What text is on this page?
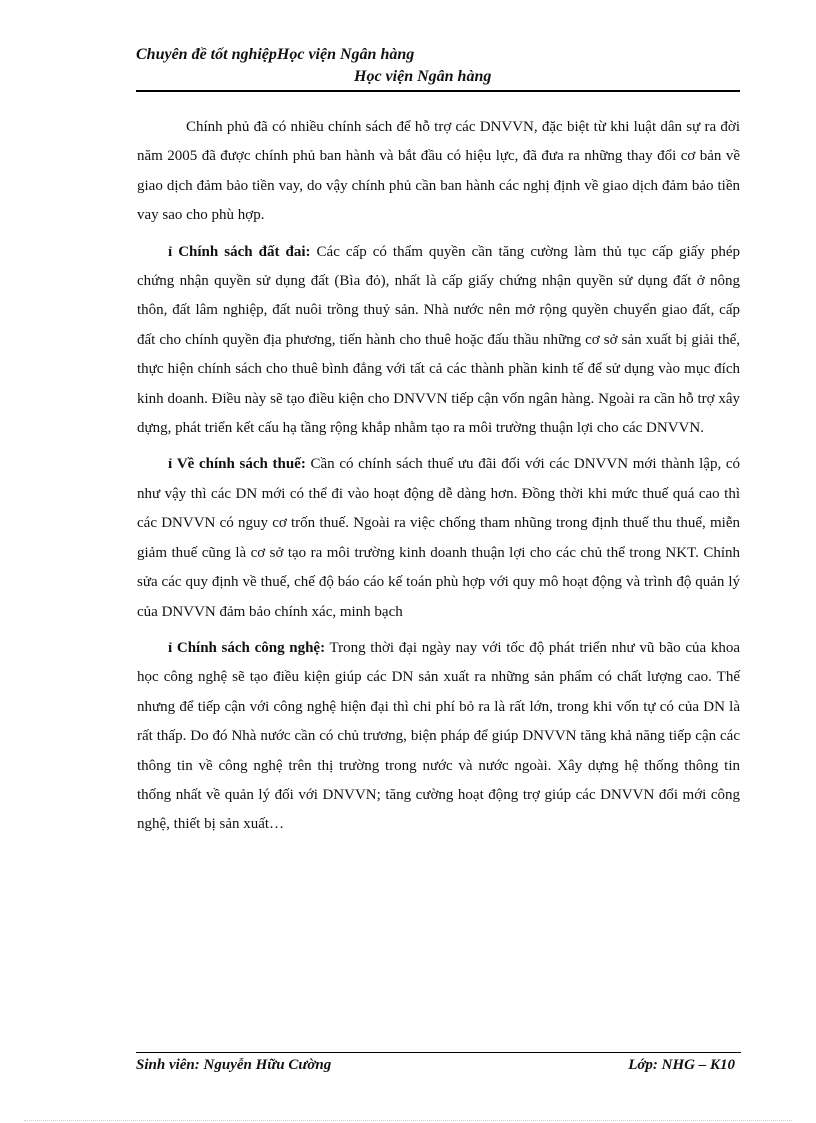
Chuyên đề tốt nghiệpHọc viện Ngân hàng
Học viện Ngân hàng

Chính phủ đã có nhiều chính sách để hỗ trợ các DNVVN, đặc biệt từ khi luật dân sự ra đời năm 2005 đã được chính phủ ban hành và bắt đầu có hiệu lực, đã đưa ra những thay đổi cơ bản về giao dịch đảm bảo tiền vay, do vậy chính phủ cần ban hành các nghị định về giao dịch đảm bảo tiền vay sao cho phù hợp.

ỉ Chính sách đất đai: Các cấp có thẩm quyền cần tăng cường làm thủ tục cấp giấy phép chứng nhận quyền sử dụng đất (Bìa đỏ), nhất là cấp giấy chứng nhận quyền sử dụng đất ở nông thôn, đất lâm nghiệp, đất nuôi trồng thuỷ sản. Nhà nước nên mở rộng quyền chuyển giao đất, cấp đất cho chính quyền địa phương, tiến hành cho thuê hoặc đấu thầu những cơ sở sản xuất bị giải thể, thực hiện chính sách cho thuê bình đẳng với tất cả các thành phần kinh tế để sử dụng vào mục đích kinh doanh. Điều này sẽ tạo điều kiện cho DNVVN tiếp cận vốn ngân hàng. Ngoài ra cần hỗ trợ xây dựng, phát triển kết cấu hạ tầng rộng khắp nhằm tạo ra môi trường thuận lợi cho các DNVVN.

ỉ Về chính sách thuế: Cần có chính sách thuế ưu đãi đối với các DNVVN mới thành lập, có như vậy thì các DN mới có thể đi vào hoạt động dễ dàng hơn. Đồng thời khi mức thuế quá cao thì các DNVVN có nguy cơ trốn thuế. Ngoài ra việc chống tham nhũng trong định thuế thu thuế, miễn giảm thuế cũng là cơ sở tạo ra môi trường kinh doanh thuận lợi cho các chủ thể trong NKT. Chỉnh sửa các quy định về thuế, chế độ báo cáo kế toán phù hợp với quy mô hoạt động và trình độ quản lý của DNVVN đảm bảo chính xác, minh bạch

ỉ Chính sách công nghệ: Trong thời đại ngày nay với tốc độ phát triển như vũ bão của khoa học công nghệ sẽ tạo điều kiện giúp các DN sản xuất ra những sản phẩm có chất lượng cao. Thế nhưng để tiếp cận với công nghệ hiện đại thì chi phí bỏ ra là rất lớn, trong khi vốn tự có của DN là rất thấp. Do đó Nhà nước cần có chủ trương, biện pháp để giúp DNVVN tăng khả năng tiếp cận các thông tin về công nghệ trên thị trường trong nước và nước ngoài. Xây dựng hệ thống thông tin thống nhất về quản lý đối với DNVVN; tăng cường hoạt động trợ giúp các DNVVN đổi mới công nghệ, thiết bị sản xuất…

Sinh viên: Nguyễn Hữu Cường	Lớp: NHG – K10
